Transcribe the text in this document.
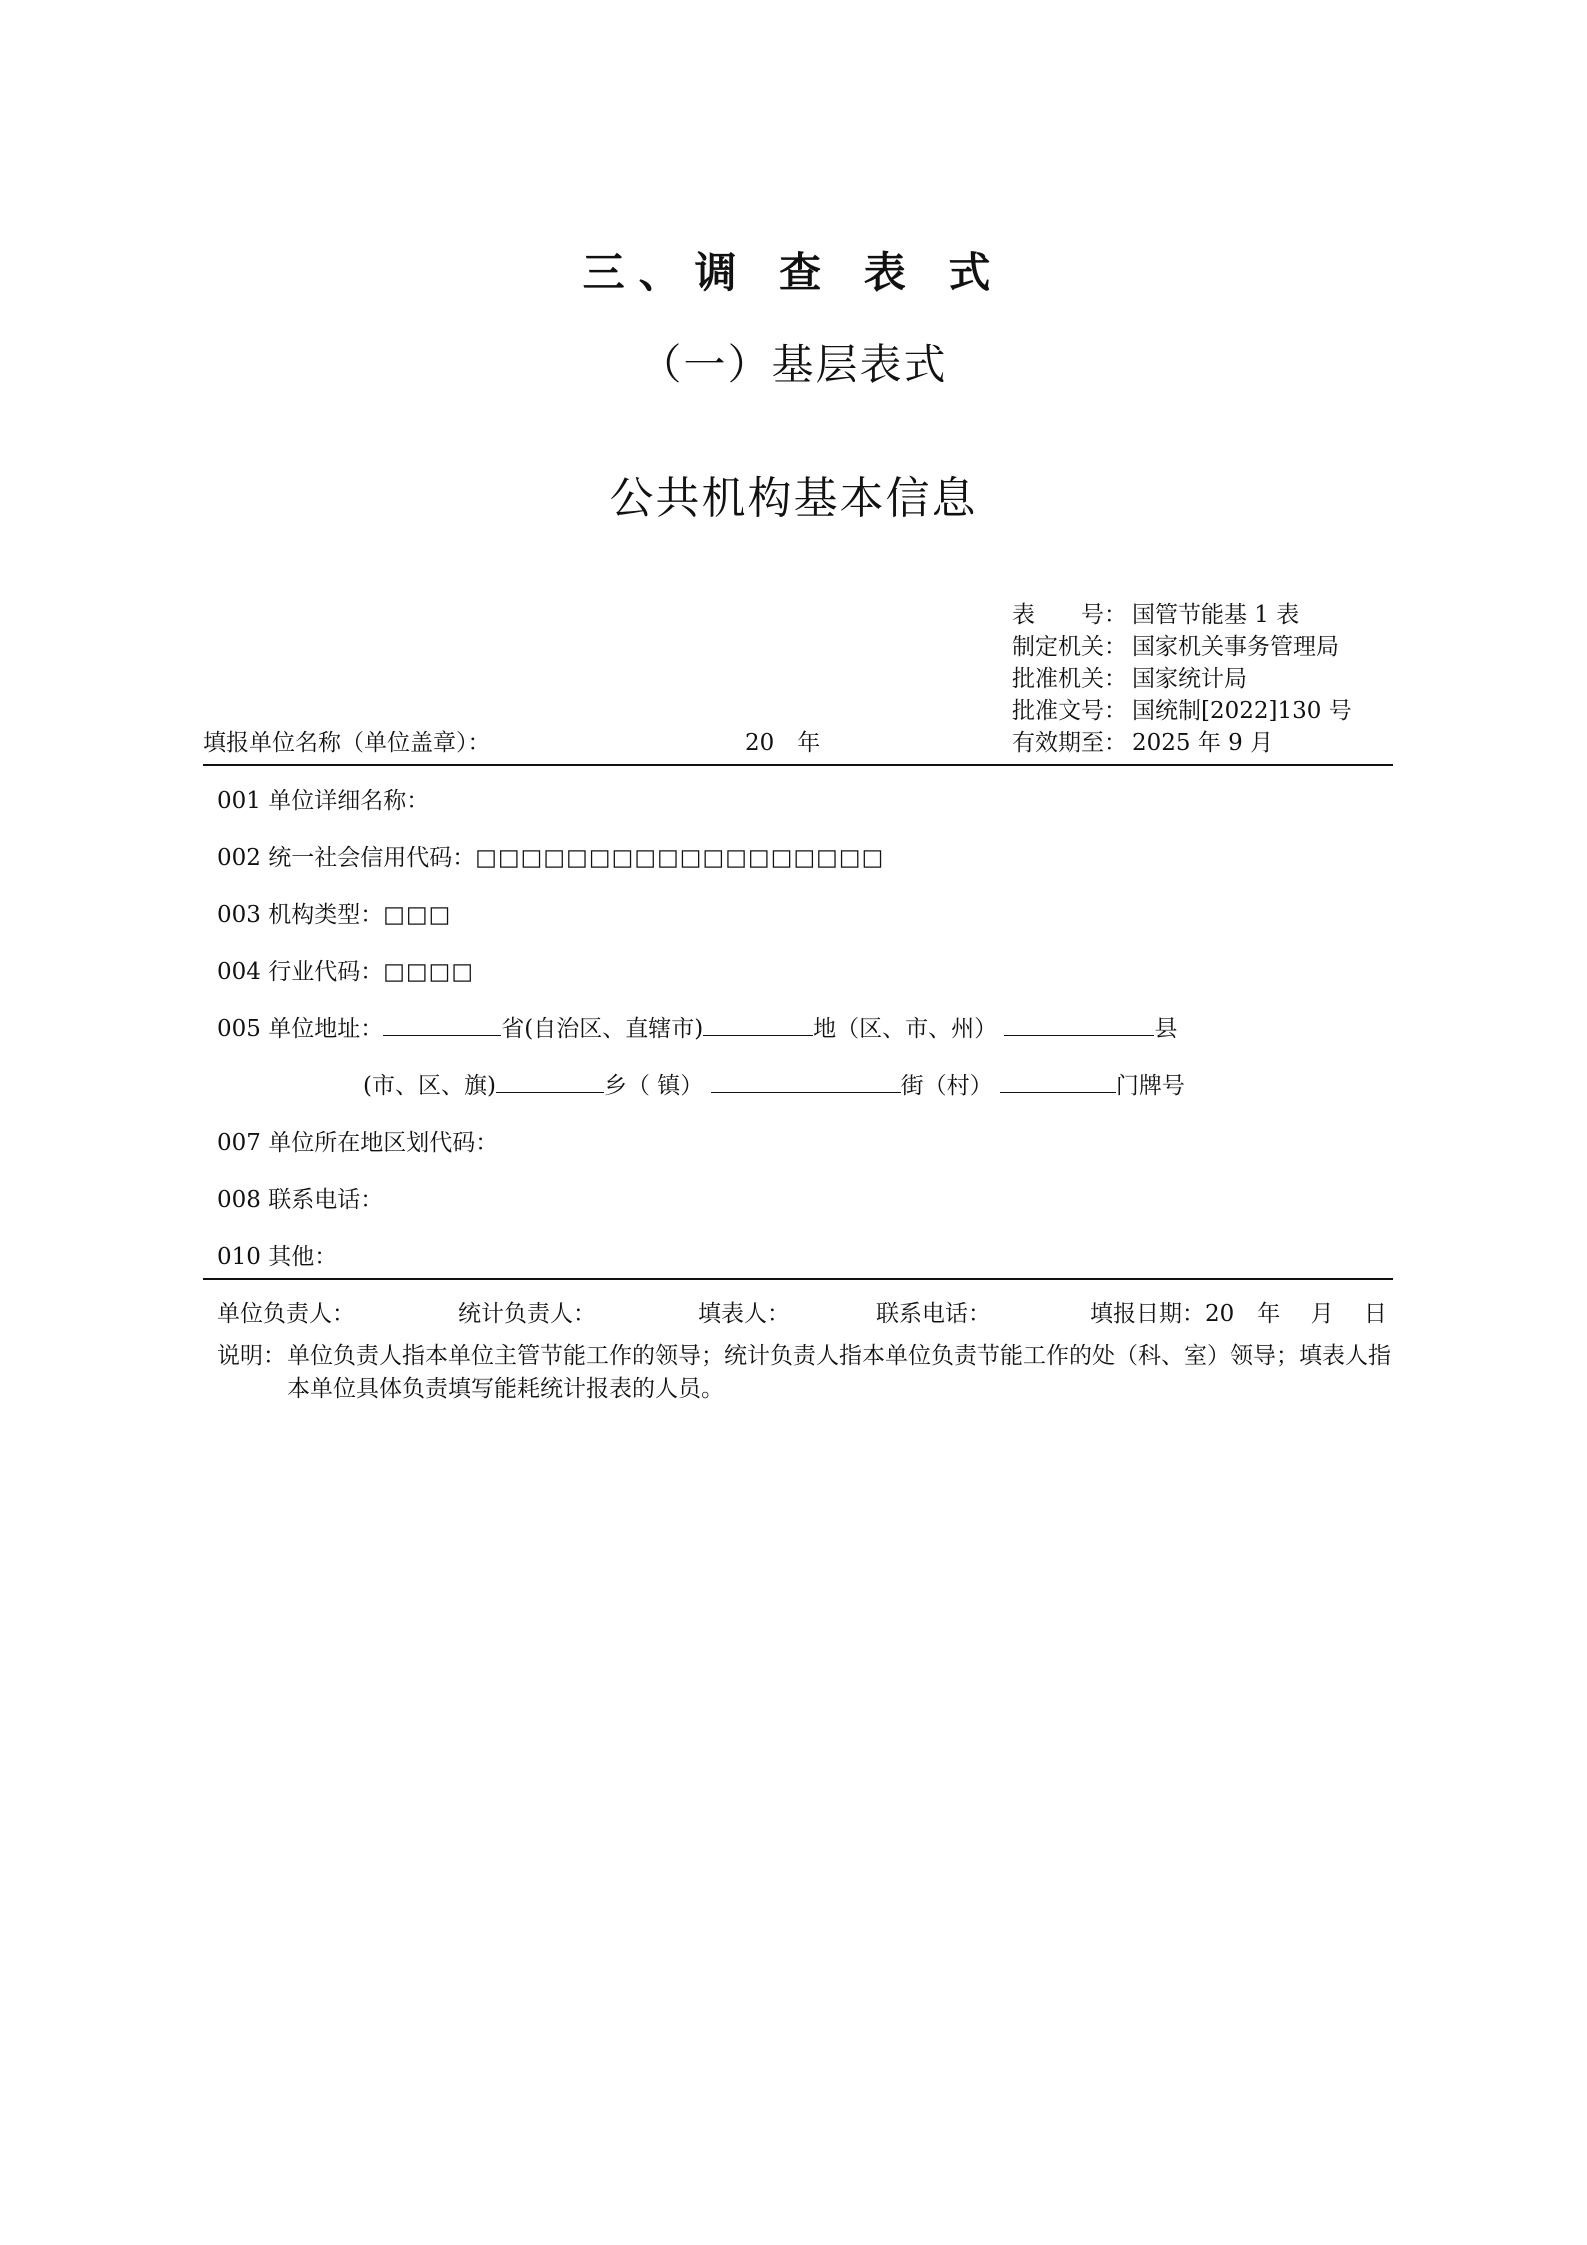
三、调 查 表 式
（一）基层表式
公共机构基本信息
表　　号： 国管节能基 1 表
制定机关： 国家机关事务管理局
批准机关： 国家统计局
批准文号： 国统制[2022]130 号
有效期至： 2025 年 9 月
填报单位名称（单位盖章）：	20　年
001 单位详细名称：
002 统一社会信用代码：□□□□□□□□□□□□□□□□□□
003 机构类型：□□□
004 行业代码：□□□□
005 单位地址：	省(自治区、直辖市)	地（区、市、州）	县
(市、区、旗)	乡（ 镇）	街（村）	门牌号
007 单位所在地区划代码：
008 联系电话：
010 其他：
单位负责人：	统计负责人：	填表人：	联系电话：	填报日期：20　年　 月　 日
说明： 单位负责人指本单位主管节能工作的领导；统计负责人指本单位负责节能工作的处（科、室）领导；填表人指本单位具体负责填写能耗统计报表的人员。
